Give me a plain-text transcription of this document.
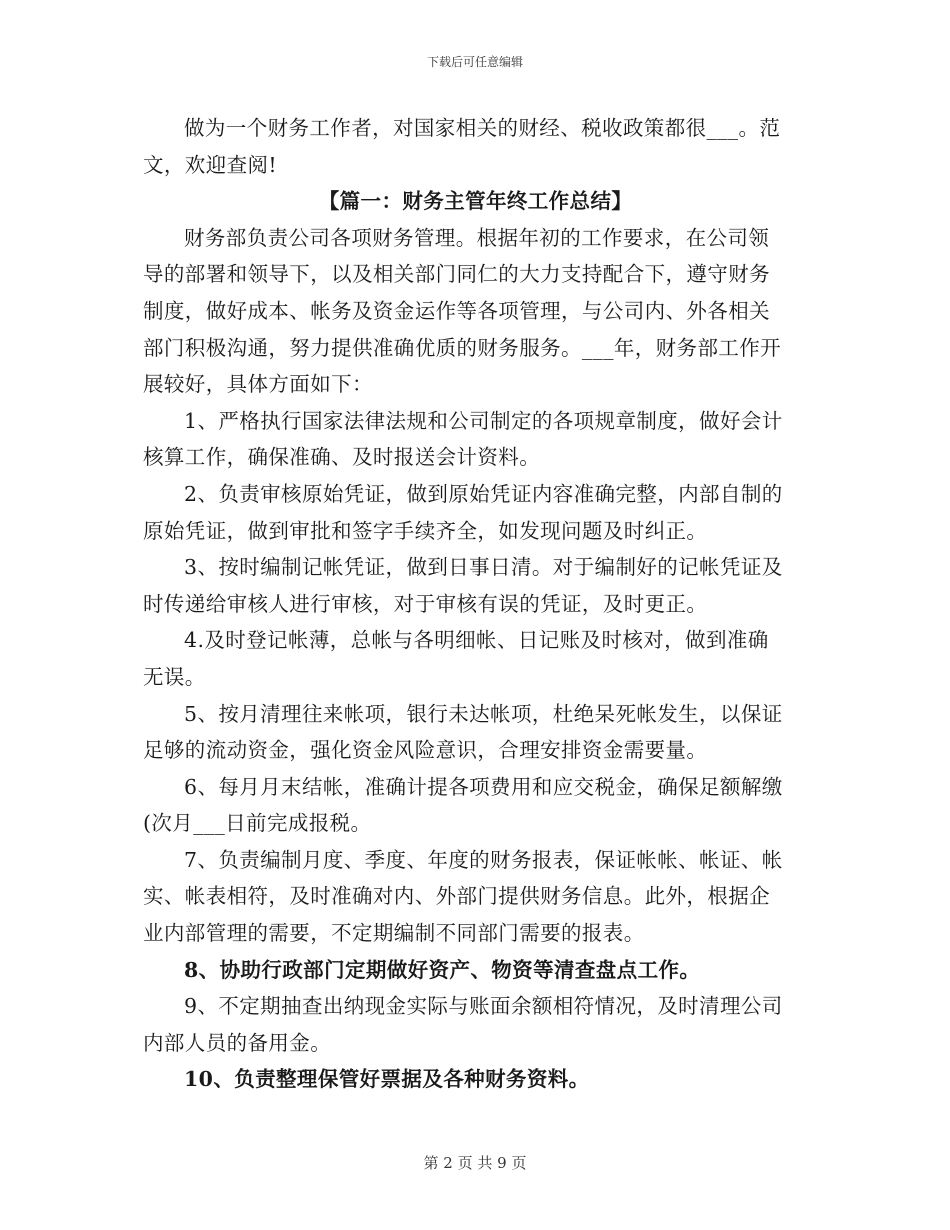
下载后可任意编辑
做为一个财务工作者，对国家相关的财经、税收政策都很___。范
文，欢迎查阅!
【篇一：财务主管年终工作总结】
财务部负责公司各项财务管理。根据年初的工作要求，在公司领
导的部署和领导下，以及相关部门同仁的大力支持配合下，遵守财务
制度，做好成本、帐务及资金运作等各项管理，与公司内、外各相关
部门积极沟通，努力提供准确优质的财务服务。___年，财务部工作开
展较好，具体方面如下：
1、严格执行国家法律法规和公司制定的各项规章制度，做好会计
核算工作，确保准确、及时报送会计资料。
2、负责审核原始凭证，做到原始凭证内容准确完整，内部自制的
原始凭证，做到审批和签字手续齐全，如发现问题及时纠正。
3、按时编制记帐凭证，做到日事日清。对于编制好的记帐凭证及
时传递给审核人进行审核，对于审核有误的凭证，及时更正。
4.及时登记帐薄，总帐与各明细帐、日记账及时核对，做到准确
无误。
5、按月清理往来帐项，银行未达帐项，杜绝呆死帐发生，以保证
足够的流动资金，强化资金风险意识，合理安排资金需要量。
6、每月月末结帐，准确计提各项费用和应交税金，确保足额解缴
(次月___日前完成报税。
7、负责编制月度、季度、年度的财务报表，保证帐帐、帐证、帐
实、帐表相符，及时准确对内、外部门提供财务信息。此外，根据企
业内部管理的需要，不定期编制不同部门需要的报表。
8、协助行政部门定期做好资产、物资等清查盘点工作。
9、不定期抽查出纳现金实际与账面余额相符情况，及时清理公司
内部人员的备用金。
10、负责整理保管好票据及各种财务资料。
第 2 页 共 9 页
